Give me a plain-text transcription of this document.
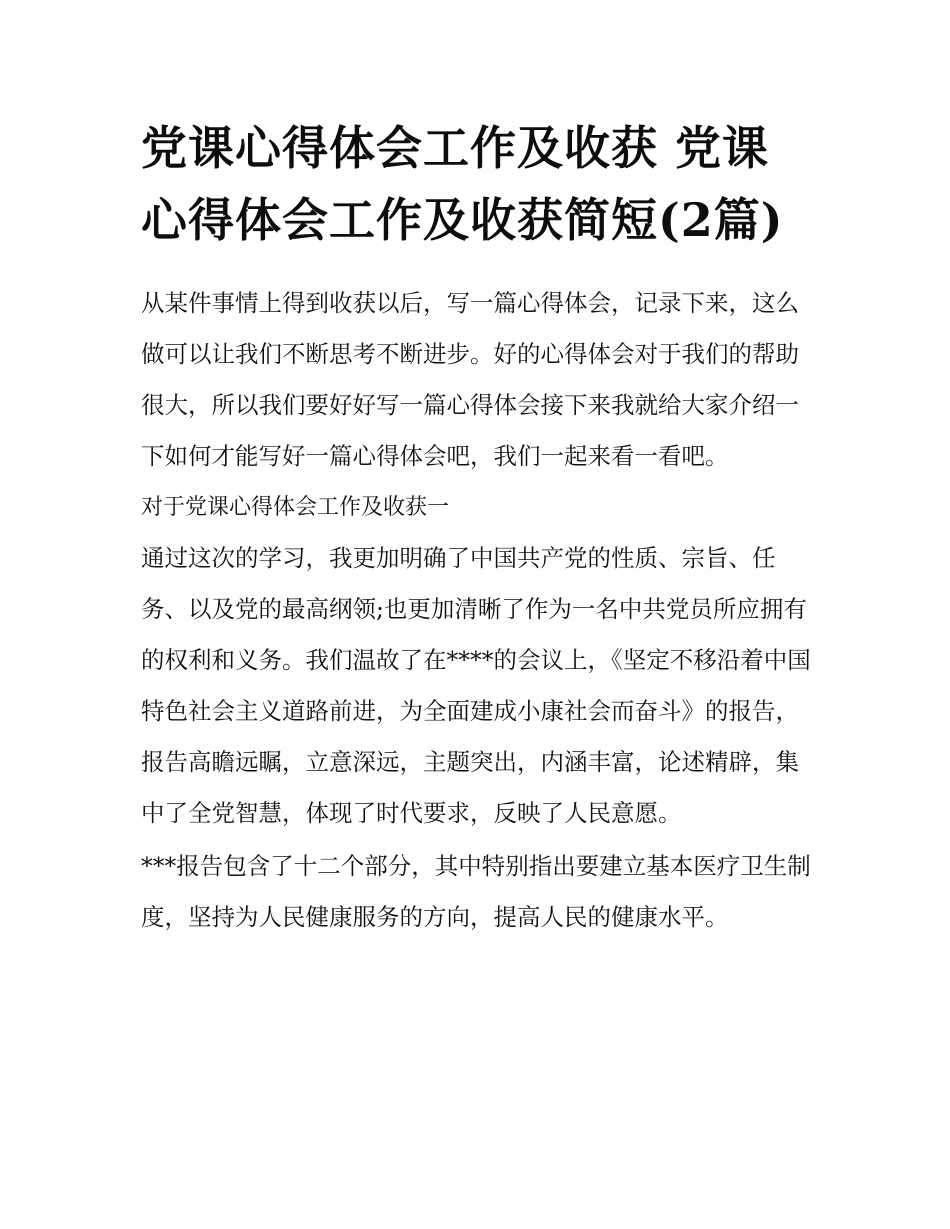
党课心得体会工作及收获 党课心得体会工作及收获简短(2篇)

从某件事情上得到收获以后，写一篇心得体会，记录下来，这么做可以让我们不断思考不断进步。好的心得体会对于我们的帮助很大，所以我们要好好写一篇心得体会接下来我就给大家介绍一下如何才能写好一篇心得体会吧，我们一起来看一看吧。

对于党课心得体会工作及收获一

通过这次的学习，我更加明确了中国共产党的性质、宗旨、任务、以及党的最高纲领;也更加清晰了作为一名中共党员所应拥有的权利和义务。我们温故了在****的会议上，《坚定不移沿着中国特色社会主义道路前进，为全面建成小康社会而奋斗》的报告，报告高瞻远瞩，立意深远，主题突出，内涵丰富，论述精辟，集中了全党智慧，体现了时代要求，反映了人民意愿。

***报告包含了十二个部分，其中特别指出要建立基本医疗卫生制度，坚持为人民健康服务的方向，提高人民的健康水平。
